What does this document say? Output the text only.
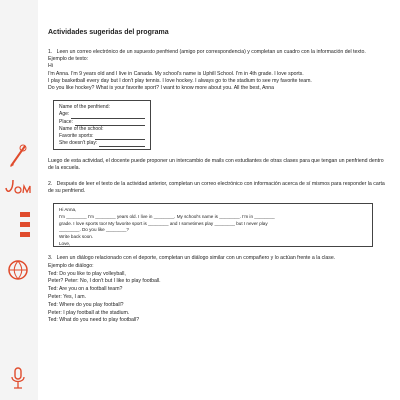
Actividades sugeridas del programa

1.   Leen un correo electrónico de un supuesto penfriend (amigo por correspondencia) y completan un cuadro con la información del texto.

Ejemplo de texto:

Hi

I'm Anna. I'm 9 years old and I live in Canada. My school's name is Uphill School. I'm in 4th grade. I love sports.

I play basketball every day but I don't play tennis. I love hockey. I always go to the stadium to see my favorite team.

Do you like hockey? What is your favorite sport? I want to know more about you. All the best, Anna

Name of the penfriend:
Age:
Place:
Name of the school:
Favorite sports:
She doesn't play:

Luego de esta actividad, el docente puede proponer un intercambio de mails con estudiantes de otras clases para que tengan un penfriend dentro de la escuela.

2.   Después de leer el texto de la actividad anterior, completan un correo electrónico con información acerca de sí mismos para responder la carta de su penfriend.

Hi Anna,
I'm ________ I'm ________ years old. I live in ________. My school's name is ________. I'm in ________
grade. I love sports too! My favorite sport is ________ and I sometimes play ________ but I never play
________. Do you like ________?
Write back soon.
Love,

3.   Leen un diálogo relacionado con el deporte, completan un diálogo similar con un compañero y lo actúan frente a la clase.

Ejemplo de diálogo:

Ted: Do you like to play volleyball,

Peter? Peter: No, I don't but I like to play football.

Ted: Are you on a football team?

Peter: Yes, I am.

Ted: Where do you play football?

Peter: I play football at the stadium.

Ted: What do you need to play football?
